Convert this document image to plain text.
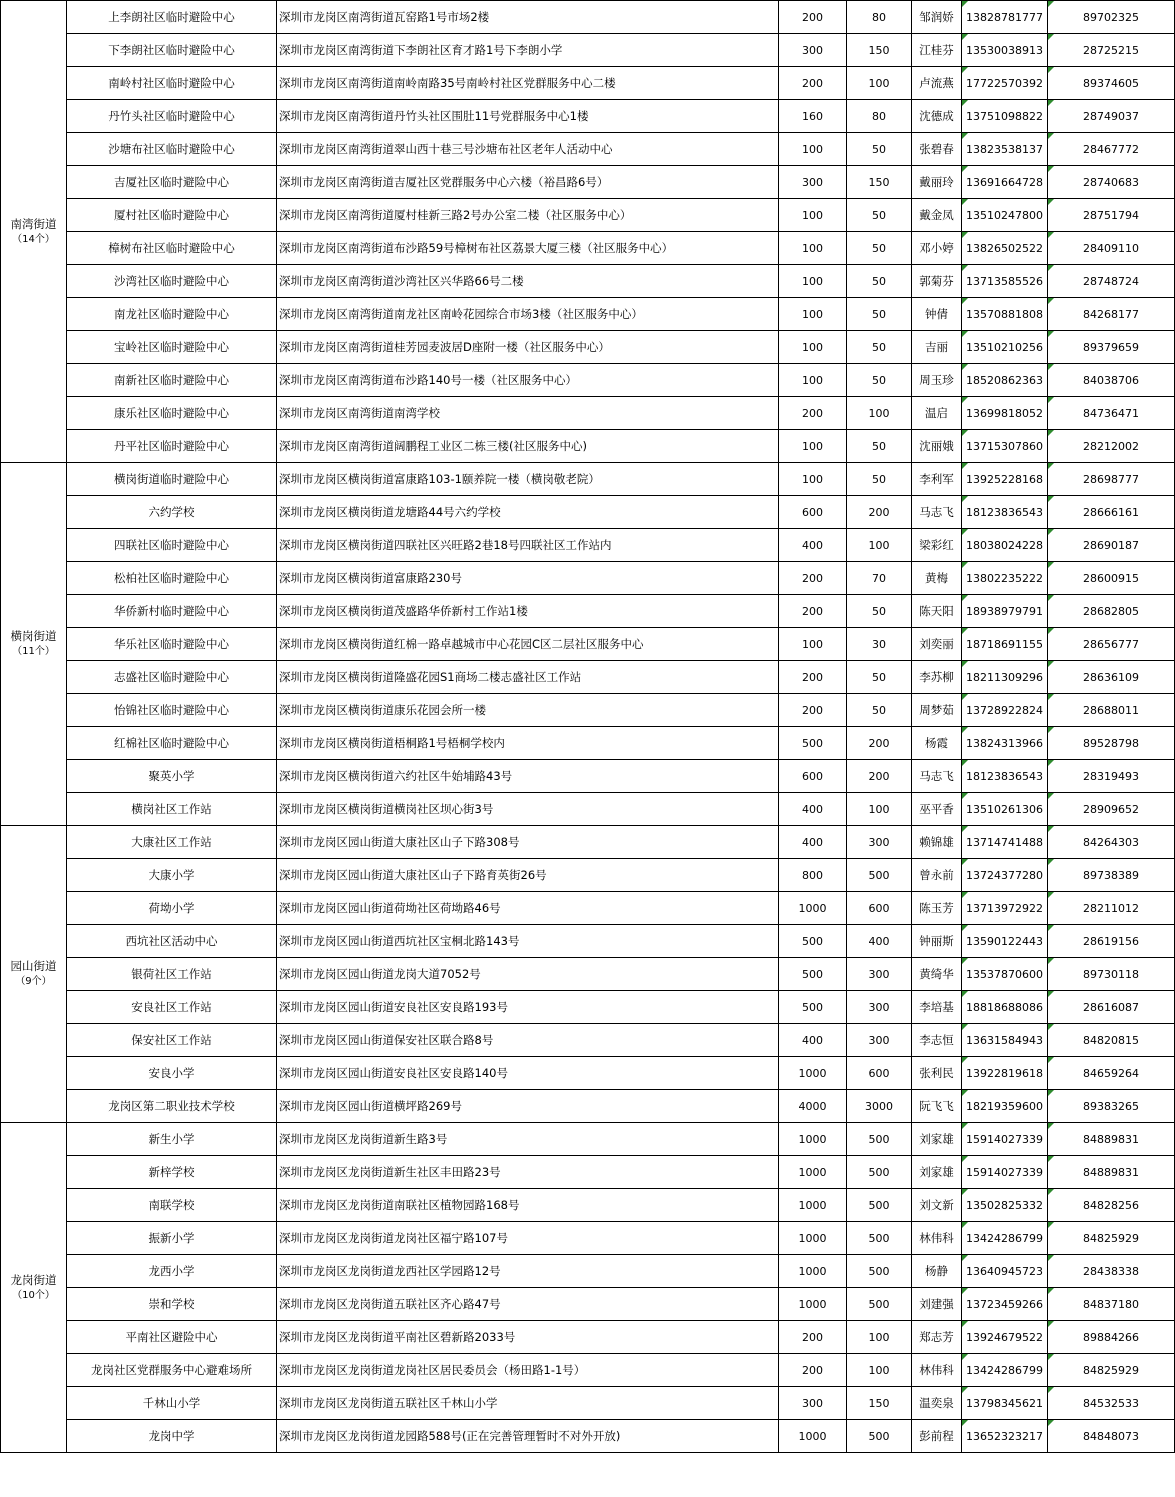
南湾街道
（14个）	上李朗社区临时避险中心	深圳市龙岗区南湾街道瓦窑路1号市场2楼	200	80	邹润娇	13828781777	89702325
	下李朗社区临时避险中心	深圳市龙岗区南湾街道下李朗社区育才路1号下李朗小学	300	150	江桂芬	13530038913	28725215
	南岭村社区临时避险中心	深圳市龙岗区南湾街道南岭南路35号南岭村社区党群服务中心二楼	200	100	卢流燕	17722570392	89374605
	丹竹头社区临时避险中心	深圳市龙岗区南湾街道丹竹头社区围肚11号党群服务中心1楼	160	80	沈德成	13751098822	28749037
	沙塘布社区临时避险中心	深圳市龙岗区南湾街道翠山西十巷三号沙塘布社区老年人活动中心	100	50	张碧春	13823538137	28467772
	吉厦社区临时避险中心	深圳市龙岗区南湾街道吉厦社区党群服务中心六楼（裕昌路6号）	300	150	戴丽玲	13691664728	28740683
	厦村社区临时避险中心	深圳市龙岗区南湾街道厦村桂新三路2号办公室二楼（社区服务中心）	100	50	戴金凤	13510247800	28751794
	樟树布社区临时避险中心	深圳市龙岗区南湾街道布沙路59号樟树布社区荔景大厦三楼（社区服务中心）	100	50	邓小婷	13826502522	28409110
	沙湾社区临时避险中心	深圳市龙岗区南湾街道沙湾社区兴华路66号二楼	100	50	郭菊芬	13713585526	28748724
	南龙社区临时避险中心	深圳市龙岗区南湾街道南龙社区南岭花园综合市场3楼（社区服务中心）	100	50	钟倩	13570881808	84268177
	宝岭社区临时避险中心	深圳市龙岗区南湾街道桂芳园麦波居D座附一楼（社区服务中心）	100	50	吉丽	13510210256	89379659
	南新社区临时避险中心	深圳市龙岗区南湾街道布沙路140号一楼（社区服务中心）	100	50	周玉珍	18520862363	84038706
	康乐社区临时避险中心	深圳市龙岗区南湾街道南湾学校	200	100	温启	13699818052	84736471
	丹平社区临时避险中心	深圳市龙岗区南湾街道阔鹏程工业区二栋三楼(社区服务中心)	100	50	沈丽娥	13715307860	28212002

横岗街道
（11个）	横岗街道临时避险中心	深圳市龙岗区横岗街道富康路103-1颐养院一楼（横岗敬老院）	100	50	李利军	13925228168	28698777
	六约学校	深圳市龙岗区横岗街道龙塘路44号六约学校	600	200	马志飞	18123836543	28666161
	四联社区临时避险中心	深圳市龙岗区横岗街道四联社区兴旺路2巷18号四联社区工作站内	400	100	梁彩红	18038024228	28690187
	松柏社区临时避险中心	深圳市龙岗区横岗街道富康路230号	200	70	黄梅	13802235222	28600915
	华侨新村临时避险中心	深圳市龙岗区横岗街道茂盛路华侨新村工作站1楼	200	50	陈天阳	18938979791	28682805
	华乐社区临时避险中心	深圳市龙岗区横岗街道红棉一路卓越城市中心花园C区二层社区服务中心	100	30	刘奕丽	18718691155	28656777
	志盛社区临时避险中心	深圳市龙岗区横岗街道隆盛花园S1商场二楼志盛社区工作站	200	50	李苏柳	18211309296	28636109
	怡锦社区临时避险中心	深圳市龙岗区横岗街道康乐花园会所一楼	200	50	周梦茹	13728922824	28688011
	红棉社区临时避险中心	深圳市龙岗区横岗街道梧桐路1号梧桐学校内	500	200	杨霞	13824313966	89528798
	聚英小学	深圳市龙岗区横岗街道六约社区牛始埔路43号	600	200	马志飞	18123836543	28319493
	横岗社区工作站	深圳市龙岗区横岗街道横岗社区坝心街3号	400	100	巫平香	13510261306	28909652

园山街道
（9个）	大康社区工作站	深圳市龙岗区园山街道大康社区山子下路308号	400	300	赖锦雄	13714741488	84264303
	大康小学	深圳市龙岗区园山街道大康社区山子下路育英街26号	800	500	曾永前	13724377280	89738389
	荷坳小学	深圳市龙岗区园山街道荷坳社区荷坳路46号	1000	600	陈玉芳	13713972922	28211012
	西坑社区活动中心	深圳市龙岗区园山街道西坑社区宝桐北路143号	500	400	钟丽斯	13590122443	28619156
	银荷社区工作站	深圳市龙岗区园山街道龙岗大道7052号	500	300	黄绮华	13537870600	89730118
	安良社区工作站	深圳市龙岗区园山街道安良社区安良路193号	500	300	李培基	18818688086	28616087
	保安社区工作站	深圳市龙岗区园山街道保安社区联合路8号	400	300	李志恒	13631584943	84820815
	安良小学	深圳市龙岗区园山街道安良社区安良路140号	1000	600	张利民	13922819618	84659264
	龙岗区第二职业技术学校	深圳市龙岗区园山街道横坪路269号	4000	3000	阮飞飞	18219359600	89383265

龙岗街道
（10个）	新生小学	深圳市龙岗区龙岗街道新生路3号	1000	500	刘家雄	15914027339	84889831
	新梓学校	深圳市龙岗区龙岗街道新生社区丰田路23号	1000	500	刘家雄	15914027339	84889831
	南联学校	深圳市龙岗区龙岗街道南联社区植物园路168号	1000	500	刘文新	13502825332	84828256
	振新小学	深圳市龙岗区龙岗街道龙岗社区福宁路107号	1000	500	林伟科	13424286799	84825929
	龙西小学	深圳市龙岗区龙岗街道龙西社区学园路12号	1000	500	杨静	13640945723	28438338
	崇和学校	深圳市龙岗区龙岗街道五联社区齐心路47号	1000	500	刘建强	13723459266	84837180
	平南社区避险中心	深圳市龙岗区龙岗街道平南社区碧新路2033号	200	100	郑志芳	13924679522	89884266
	龙岗社区党群服务中心避难场所	深圳市龙岗区龙岗街道龙岗社区居民委员会（杨田路1-1号）	200	100	林伟科	13424286799	84825929
	千林山小学	深圳市龙岗区龙岗街道五联社区千林山小学	300	150	温奕泉	13798345621	84532533
	龙岗中学	深圳市龙岗区龙岗街道龙园路588号(正在完善管理暂时不对外开放)	1000	500	彭前程	13652323217	84848073
